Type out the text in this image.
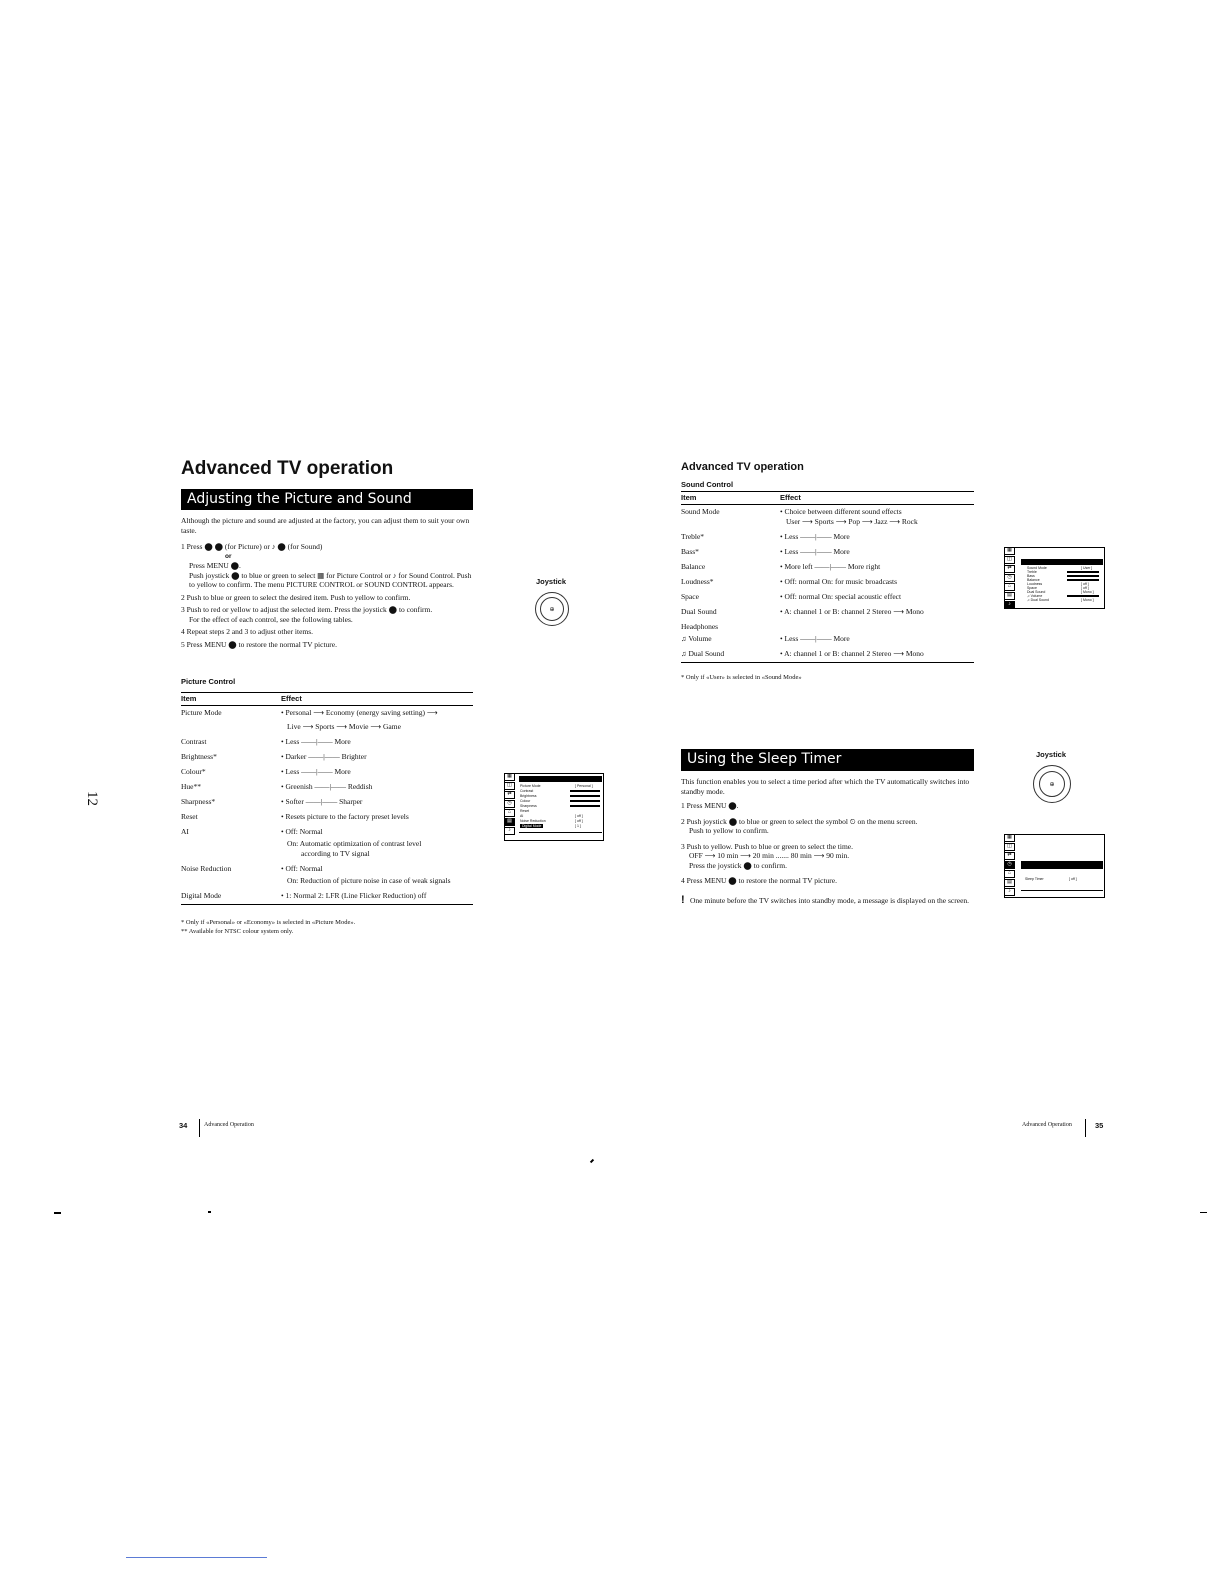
12
Advanced TV operation
Adjusting the Picture and Sound
Although the picture and sound are adjusted at the factory, you can adjust them to suit your own taste.
1 Press ⬤ ⬤ (for Picture) or ♪ ⬤ (for Sound)
or
Press MENU ⬤.
Push joystick ⬤ to blue or green to select ▦ for Picture Control or ♪ for Sound Control. Push to yellow to confirm. The menu PICTURE CONTROL or SOUND CONTROL appears.
2 Push to blue or green to select the desired item. Push to yellow to confirm.
3 Push to red or yellow to adjust the selected item. Press the joystick ⬤ to confirm.
For the effect of each control, see the following tables.
4 Repeat steps 2 and 3 to adjust other items.
5 Press MENU ⬤ to restore the normal TV picture.
Joystick
⊕
Picture Control
Item	Effect
Picture Mode	• Personal ⟶ Economy (energy saving setting) ⟶
Live ⟶ Sports ⟶ Movie ⟶ Game

Contrast	• Less ——|—— More
Brightness*	• Darker ——|—— Brighter
Colour*	• Less ——|—— More
Hue**	• Greenish ——|—— Reddish
Sharpness*	• Softer ——|—— Sharper
Reset	• Resets picture to the factory preset levels
AI	• Off: Normal
On: Automatic optimization of contrast level
according to TV signal

Noise Reduction	• Off: Normal
On: Reduction of picture noise in case of weak signals

Digital Mode	• 1: Normal 2: LFR (Line Flicker Reduction) off
* Only if «Personal» or «Economy» is selected in «Picture Mode».
** Available for NTSC colour system only.
▦
◫
⇄
◷
⌂
▤
♪
Picture Mode	[ Personal ]
Contrast
Brightness
Colour
Sharpness
Reset
AI	[ off ]
Noise Reduction	[ off ]
Digital Mode	[ 1 ]
34	Advanced Operation
Advanced TV operation
Sound Control
Item	Effect
Sound Mode	• Choice between different sound effects
User ⟶ Sports ⟶ Pop ⟶ Jazz ⟶ Rock

Treble*	• Less ——|—— More
Bass*	• Less ——|—— More
Balance	• More left ——|—— More right
Loudness*	• Off: normal On: for music broadcasts
Space	• Off: normal On: special acoustic effect
Dual Sound	• A: channel 1 or B: channel 2 Stereo ⟶ Mono
Headphones	
♫ Volume	• Less ——|—— More
♫ Dual Sound	• A: channel 1 or B: channel 2 Stereo ⟶ Mono
* Only if «User» is selected in «Sound Mode»
▦
◫
⇄
◷
⌂
▤
♪
Sound Mode	[ User ]
Treble
Bass
Balance
Loudness	[ off ]
Space	[ off ]
Dual Sound	[ Mono ]
♫ Volume
♫ Dual Sound	[ Mono ]
Using the Sleep Timer
This function enables you to select a time period after which the TV automatically switches into standby mode.
1 Press MENU ⬤.
2 Push joystick ⬤ to blue or green to select the symbol ⏲ on the menu screen.
Push to yellow to confirm.
3 Push to yellow. Push to blue or green to select the time.
OFF ⟶ 10 min ⟶ 20 min ....... 80 min ⟶ 90 min.
Press the joystick ⬤ to confirm.
4 Press MENU ⬤ to restore the normal TV picture.
! One minute before the TV switches into standby mode, a message is displayed on the screen.
Joystick
⊕
▦
◫
⇄
◷
⌂
▤
♪
Sleep Timer	[ off ]
Advanced Operation	35
